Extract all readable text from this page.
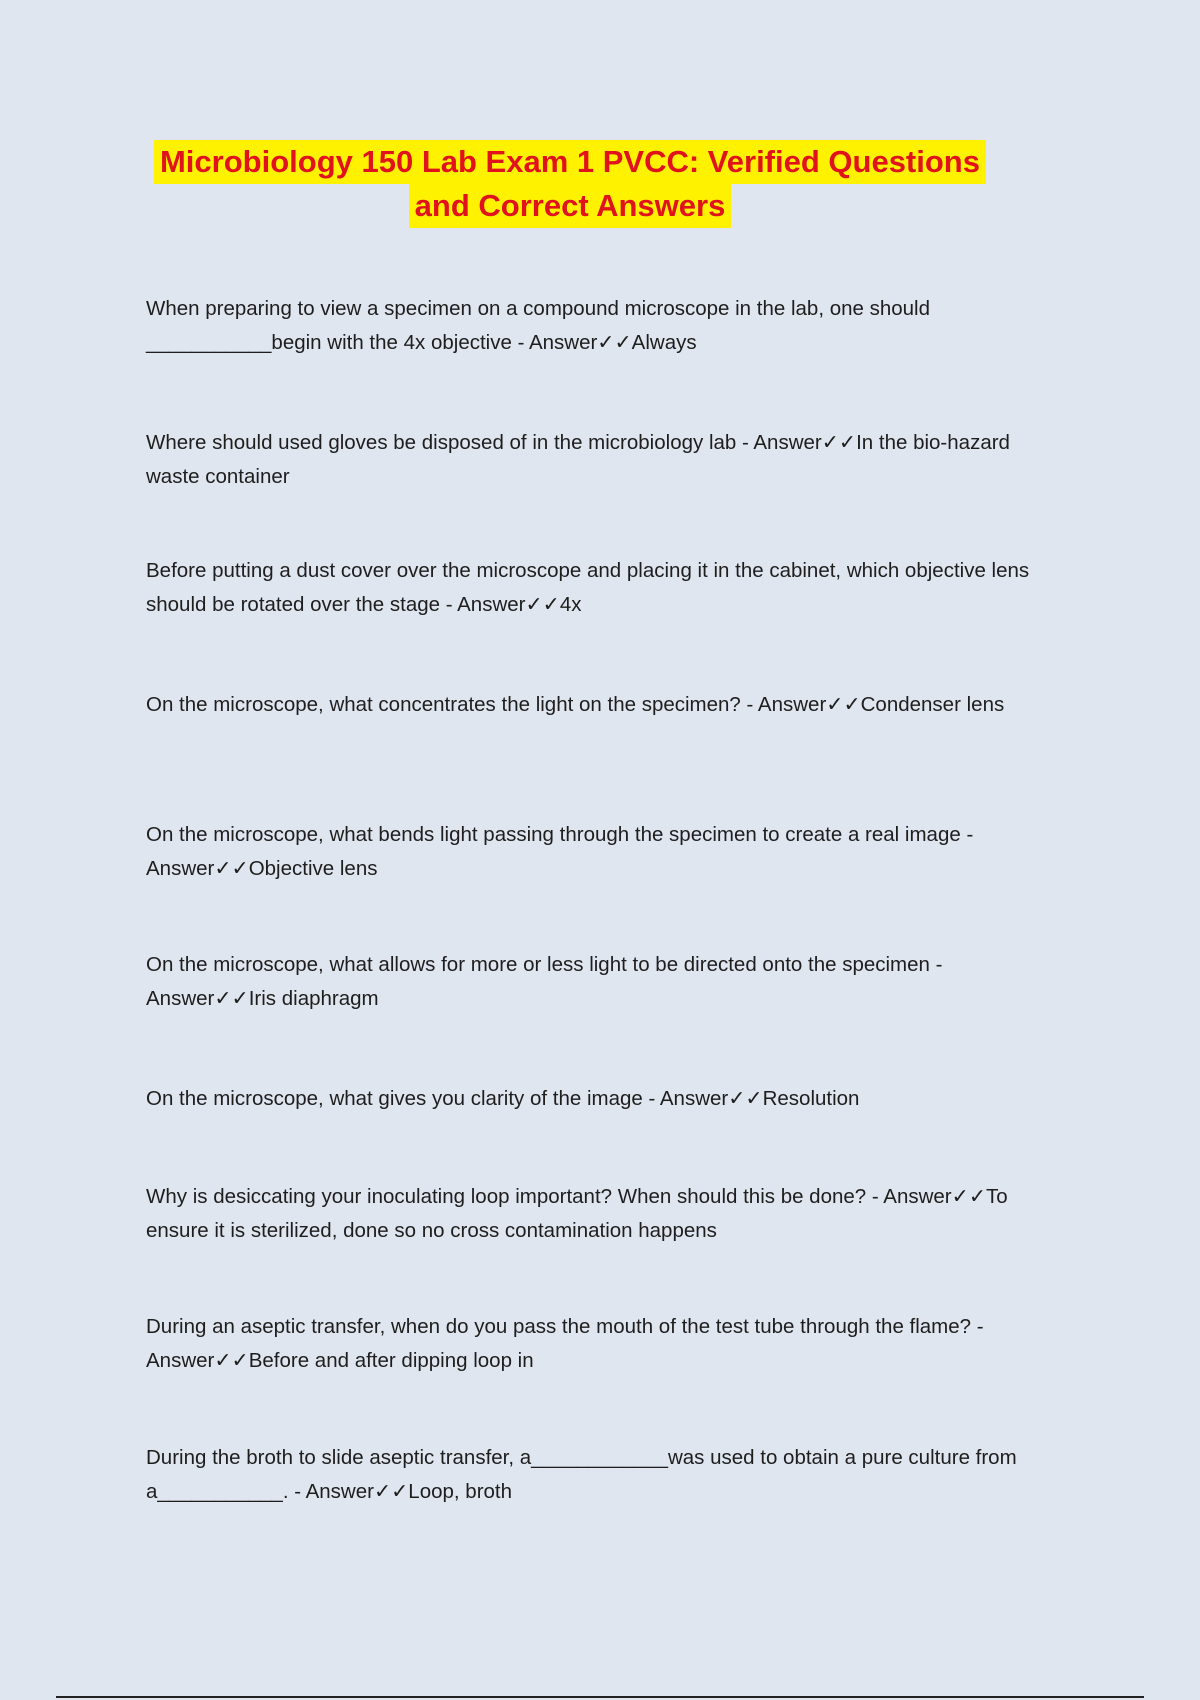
Microbiology 150 Lab Exam 1 PVCC: Verified Questions
and Correct Answers

When preparing to view a specimen on a compound microscope in the lab, one should ___________begin with the 4x objective - Answer✓✓Always

Where should used gloves be disposed of in the microbiology lab - Answer✓✓In the bio-hazard waste container

Before putting a dust cover over the microscope and placing it in the cabinet, which objective lens should be rotated over the stage - Answer✓✓4x

On the microscope, what concentrates the light on the specimen? - Answer✓✓Condenser lens

On the microscope, what bends light passing through the specimen to create a real image - Answer✓✓Objective lens

On the microscope, what allows for more or less light to be directed onto the specimen - Answer✓✓Iris diaphragm

On the microscope, what gives you clarity of the image - Answer✓✓Resolution

Why is desiccating your inoculating loop important? When should this be done? - Answer✓✓To ensure it is sterilized, done so no cross contamination happens

During an aseptic transfer, when do you pass the mouth of the test tube through the flame? - Answer✓✓Before and after dipping loop in

During the broth to slide aseptic transfer, a____________was used to obtain a pure culture from a___________. - Answer✓✓Loop, broth
